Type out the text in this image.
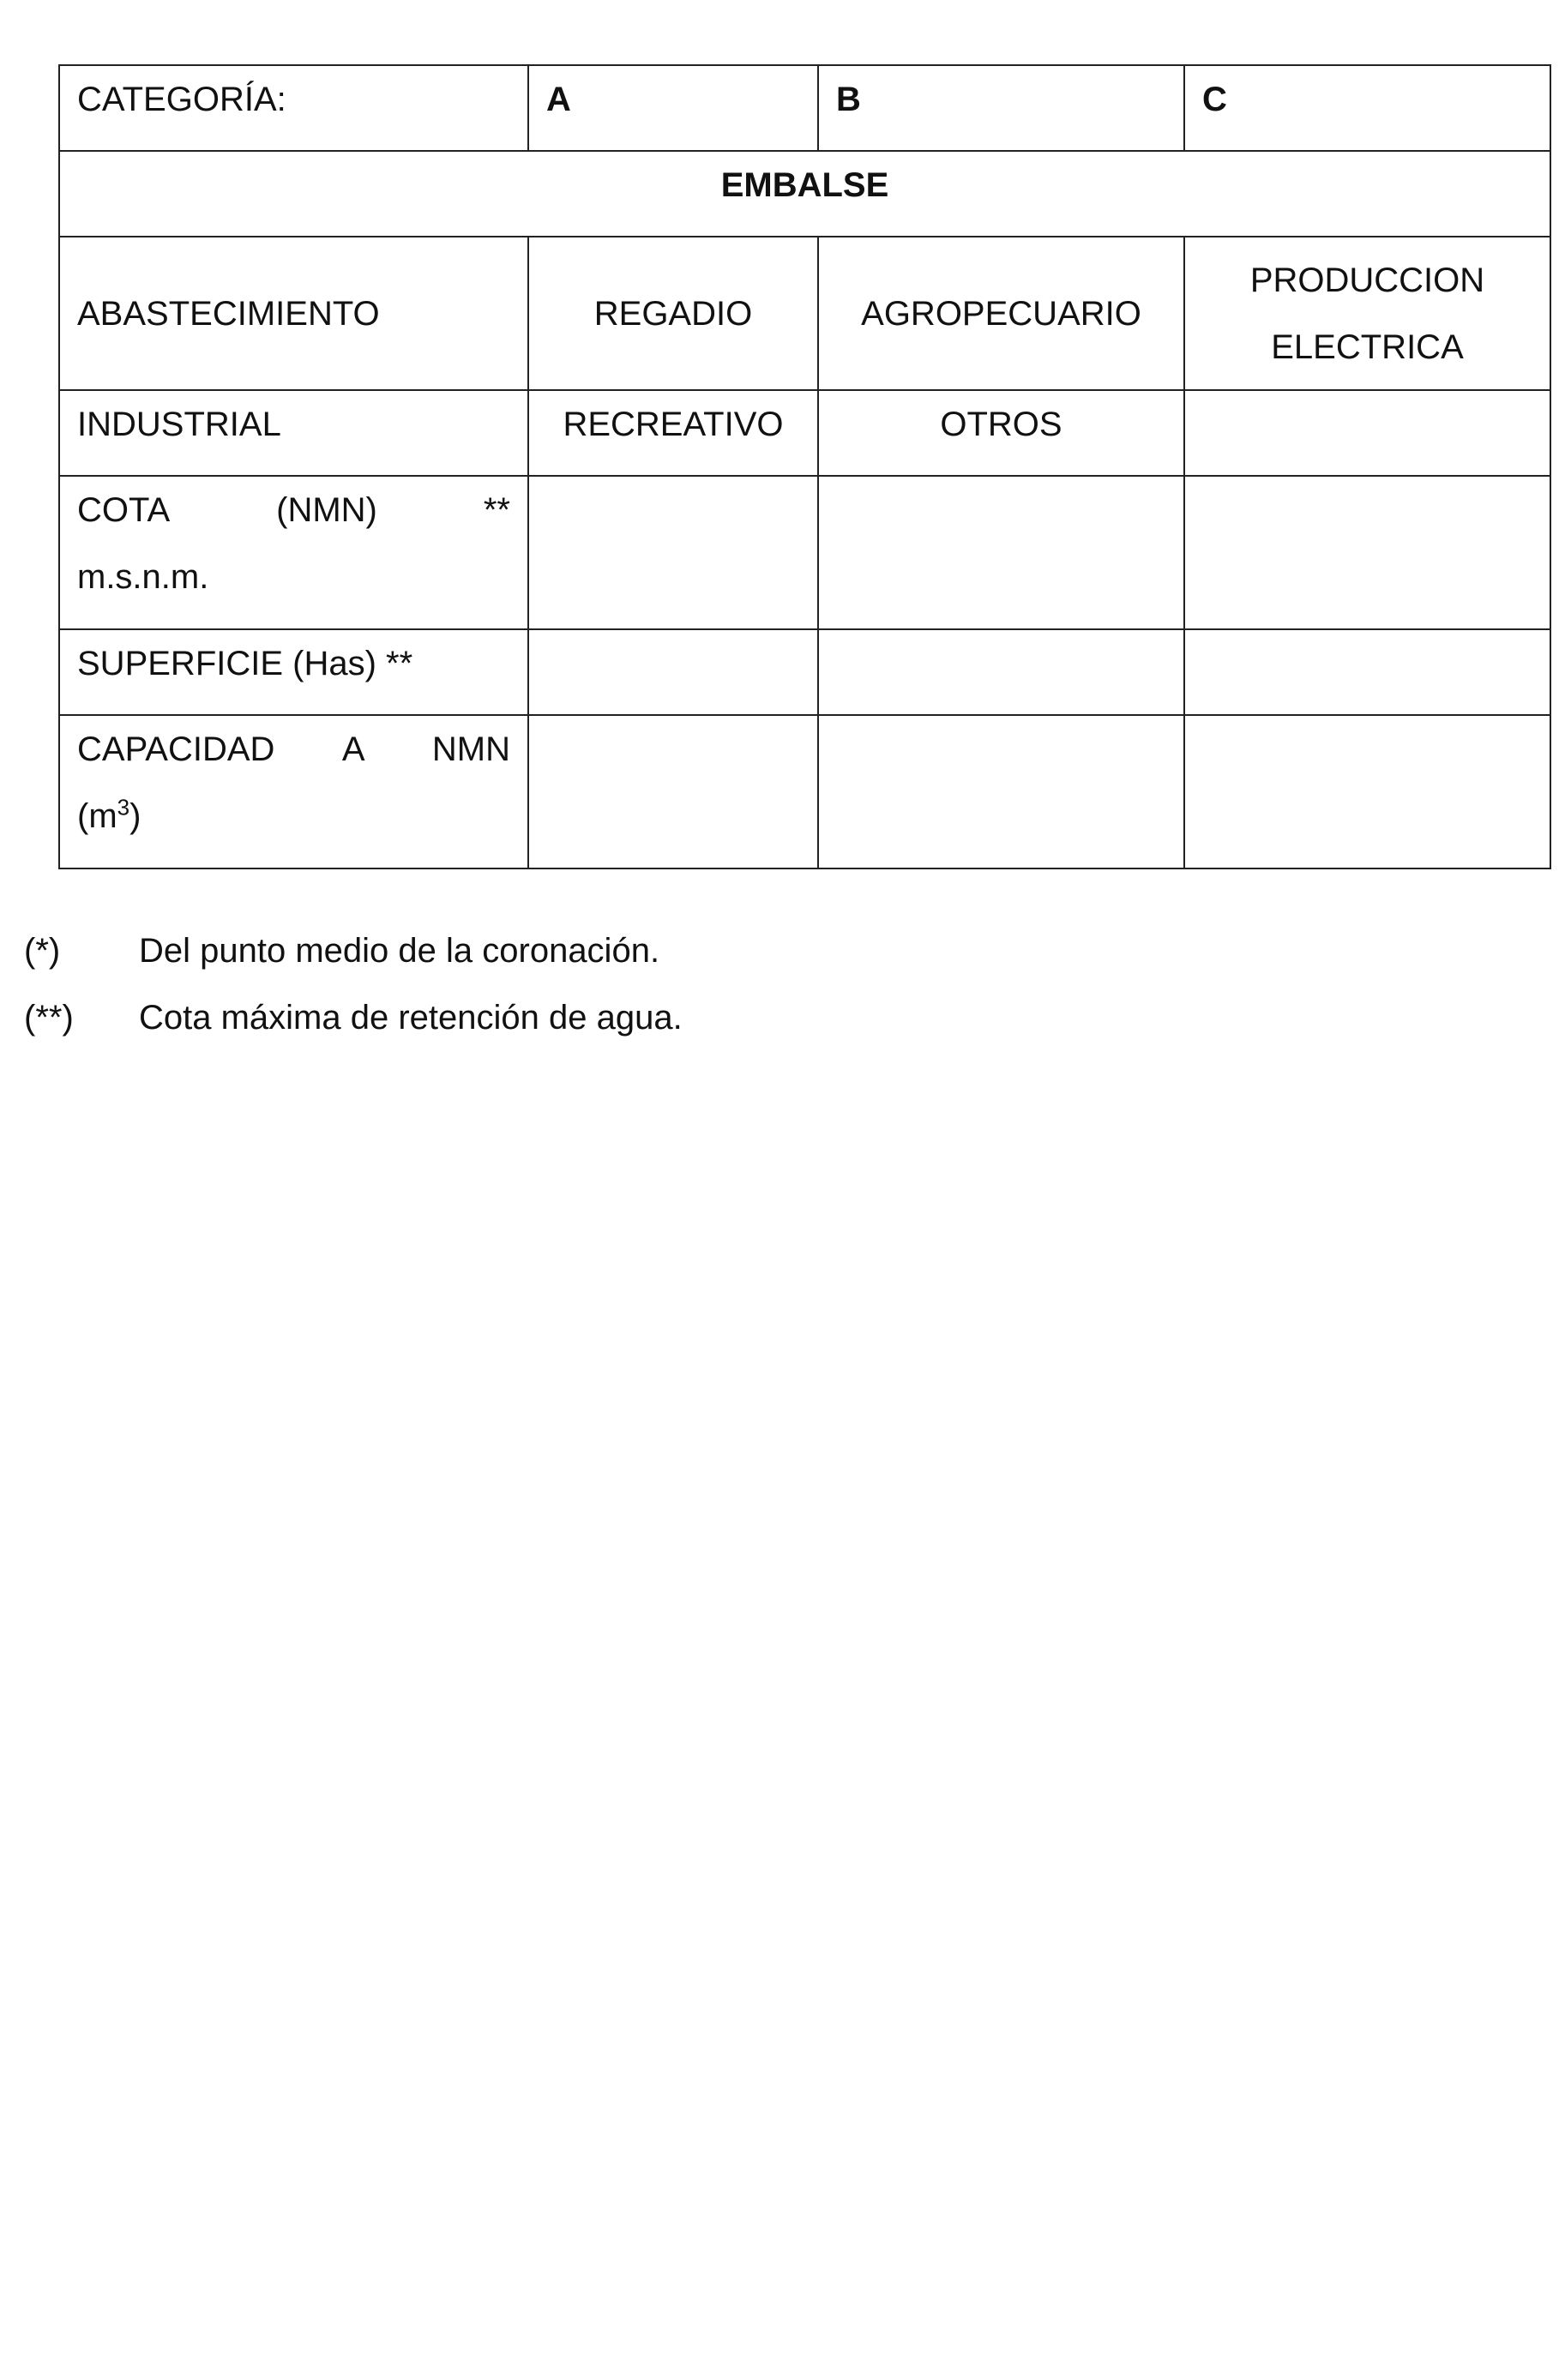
CATEGORÍA:	A	B	C
EMBALSE			
ABASTECIMIENTO	REGADIO	AGROPECUARIO	PRODUCCION
ELECTRICA

INDUSTRIAL	RECREATIVO	OTROS	

COTA (NMN) **
m.s.n.m.			

SUPERFICIE (Has) **			

CAPACIDAD A NMN
$(m^3)$			

(*)	Del punto medio de la coronación.
(**)	Cota máxima de retención de agua.
